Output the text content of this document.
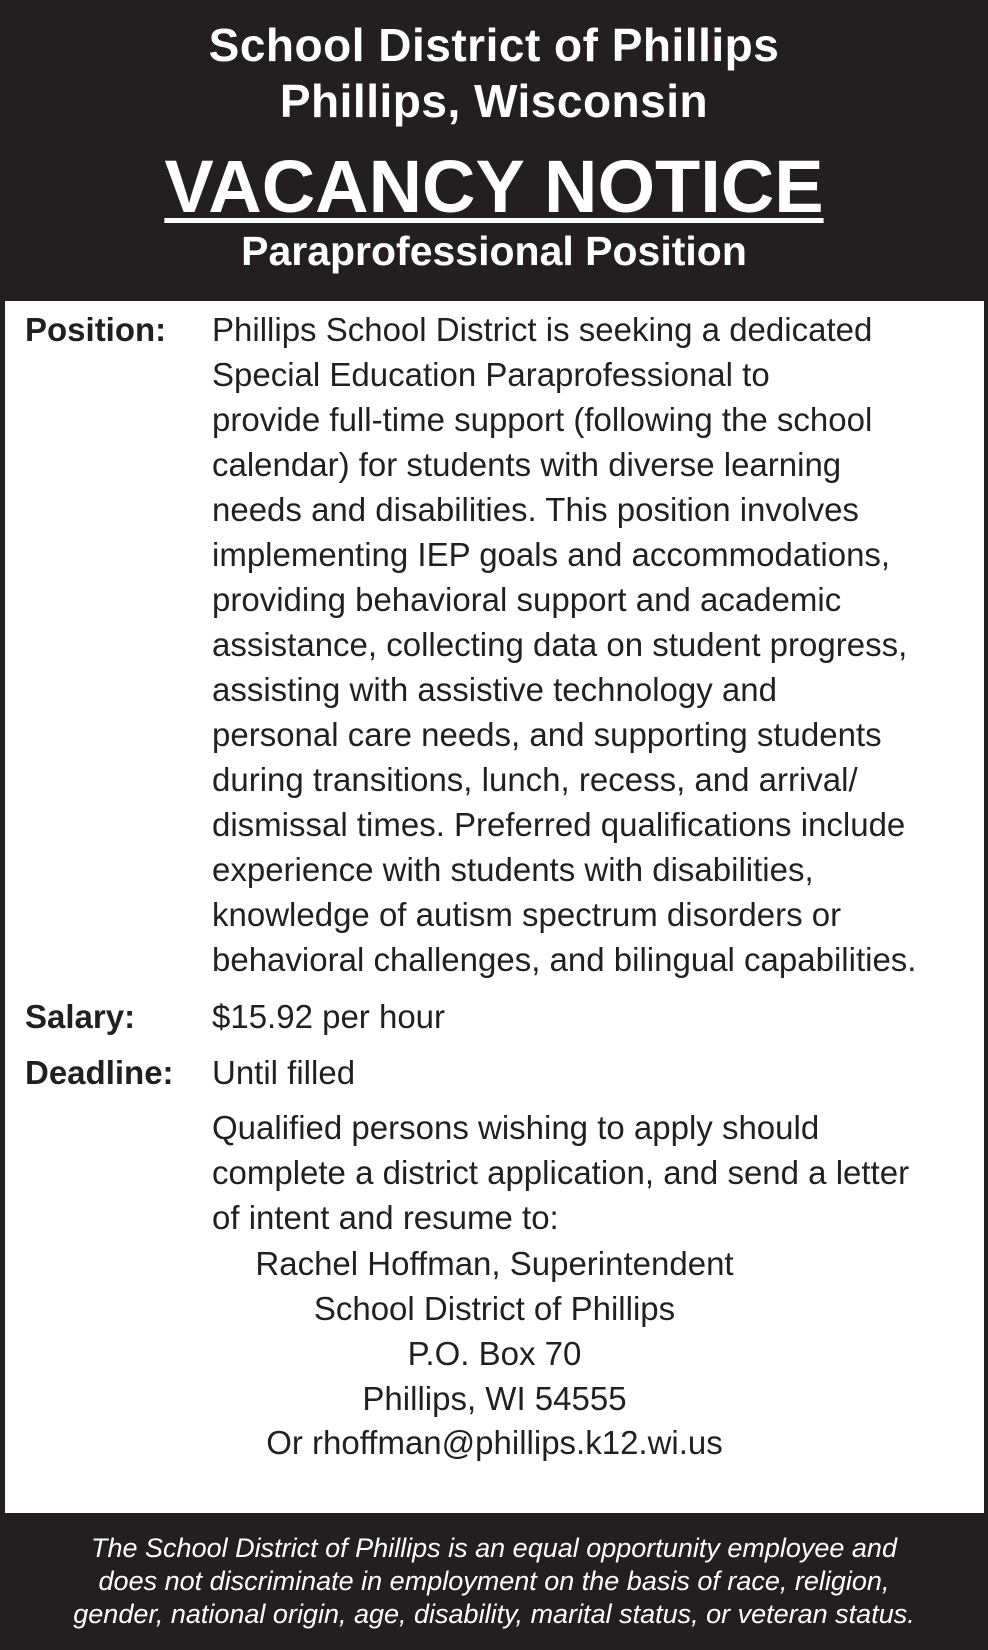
School District of Phillips
Phillips, Wisconsin
VACANCY NOTICE
Paraprofessional Position
Position: Phillips School District is seeking a dedicated
Special Education Paraprofessional to
provide full-time support (following the school
calendar) for students with diverse learning
needs and disabilities. This position involves
implementing IEP goals and accommodations,
providing behavioral support and academic
assistance, collecting data on student progress,
assisting with assistive technology and
personal care needs, and supporting students
during transitions, lunch, recess, and arrival/
dismissal times. Preferred qualifications include
experience with students with disabilities,
knowledge of autism spectrum disorders or
behavioral challenges, and bilingual capabilities.
Salary: $15.92 per hour
Deadline: Until filled
Qualified persons wishing to apply should
complete a district application, and send a letter
of intent and resume to:
Rachel Hoffman, Superintendent
School District of Phillips
P.O. Box 70
Phillips, WI 54555
Or rhoffman@phillips.k12.wi.us
The School District of Phillips is an equal opportunity employee and
does not discriminate in employment on the basis of race, religion,
gender, national origin, age, disability, marital status, or veteran status.
